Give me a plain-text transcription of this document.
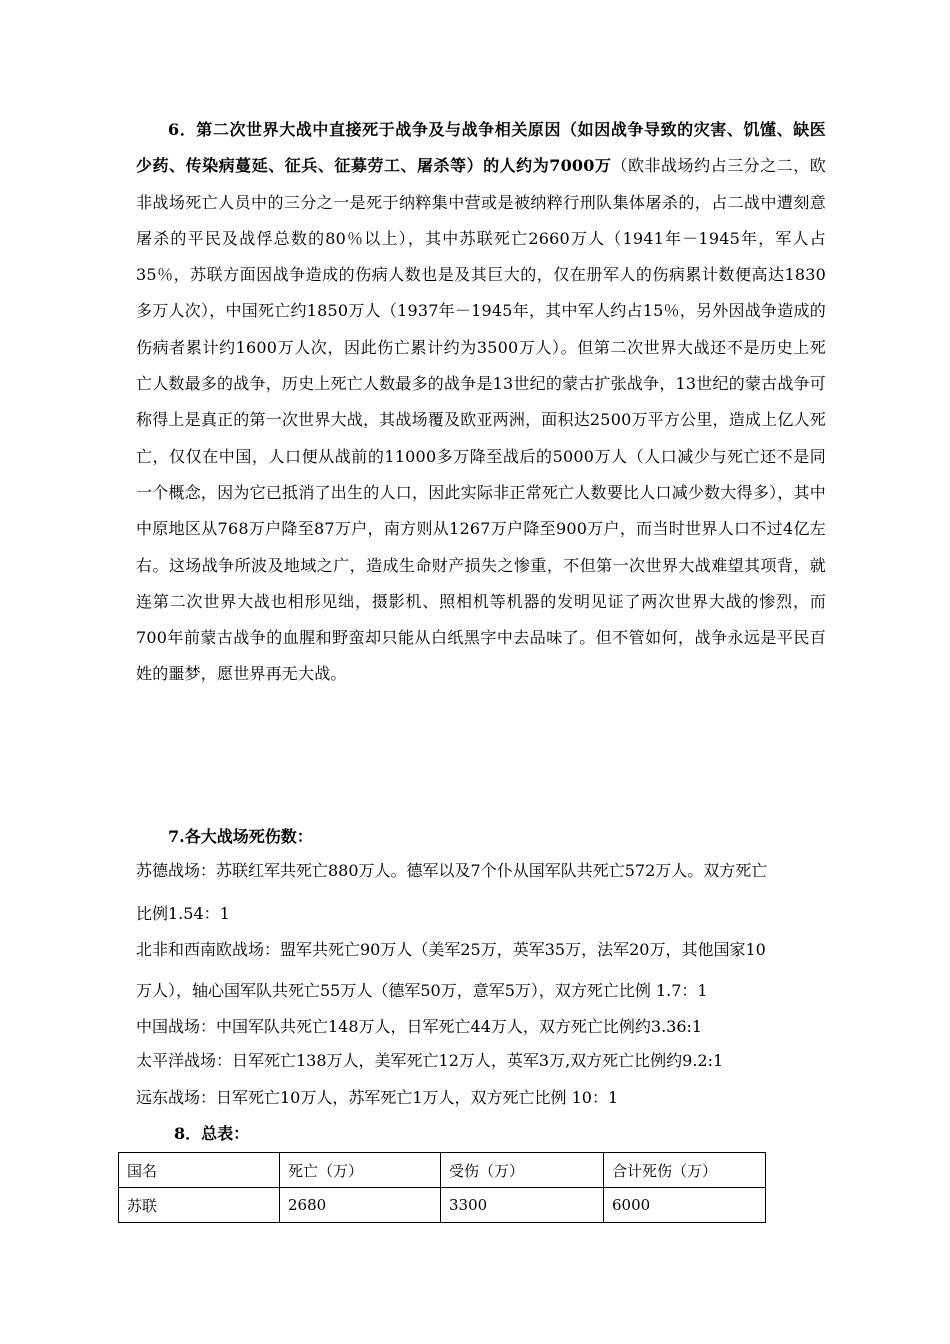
6．第二次世界大战中直接死于战争及与战争相关原因（如因战争导致的灾害、饥馑、缺医少药、传染病蔓延、征兵、征募劳工、屠杀等）的人约为7000万（欧非战场约占三分之二，欧非战场死亡人员中的三分之一是死于纳粹集中营或是被纳粹行刑队集体屠杀的，占二战中遭刻意屠杀的平民及战俘总数的80％以上），其中苏联死亡2660万人（1941年－1945年，军人占35％，苏联方面因战争造成的伤病人数也是及其巨大的，仅在册军人的伤病累计数便高达1830多万人次），中国死亡约1850万人（1937年－1945年，其中军人约占15％，另外因战争造成的伤病者累计约1600万人次，因此伤亡累计约为3500万人）。但第二次世界大战还不是历史上死亡人数最多的战争，历史上死亡人数最多的战争是13世纪的蒙古扩张战争，13世纪的蒙古战争可称得上是真正的第一次世界大战，其战场覆及欧亚两洲，面积达2500万平方公里，造成上亿人死亡，仅仅在中国，人口便从战前的11000多万降至战后的5000万人（人口减少与死亡还不是同一个概念，因为它已抵消了出生的人口，因此实际非正常死亡人数要比人口减少数大得多），其中中原地区从768万户降至87万户，南方则从1267万户降至900万户，而当时世界人口不过4亿左右。这场战争所波及地域之广，造成生命财产损失之惨重，不但第一次世界大战难望其项背，就连第二次世界大战也相形见绌，摄影机、照相机等机器的发明见证了两次世界大战的惨烈，而700年前蒙古战争的血腥和野蛮却只能从白纸黑字中去品味了。但不管如何，战争永远是平民百姓的噩梦，愿世界再无大战。

7.各大战场死伤数：
苏德战场：苏联红军共死亡880万人。德军以及7个仆从国军队共死亡572万人。双方死亡
比例1.54：1
北非和西南欧战场：盟军共死亡90万人（美军25万，英军35万，法军20万，其他国家10
万人），轴心国军队共死亡55万人（德军50万，意军5万），双方死亡比例 1.7：1
中国战场：中国军队共死亡148万人，日军死亡44万人，双方死亡比例约3.36:1
太平洋战场：日军死亡138万人，美军死亡12万人，英军3万,双方死亡比例约9.2:1
远东战场：日军死亡10万人，苏军死亡1万人，双方死亡比例 10：1
8．总表：
国名	死亡（万）	受伤（万）	合计死伤（万）
苏联	2680	3300	6000
